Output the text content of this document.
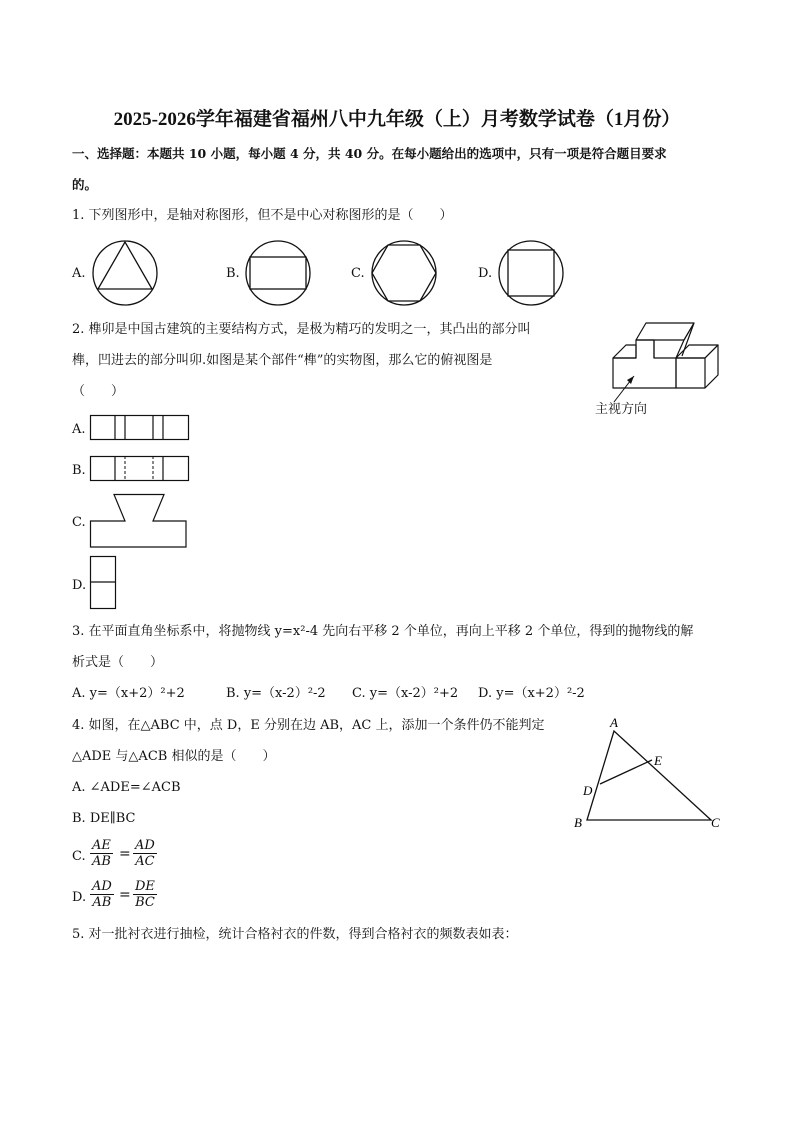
2025-2026学年福建省福州八中九年级（上）月考数学试卷（1月份）
一、选择题：本题共 10 小题，每小题 4 分，共 40 分。在每小题给出的选项中，只有一项是符合题目要求
的。
1. 下列图形中，是轴对称图形，但不是中心对称图形的是（　　）
A.	B.	C.	D.
2. 榫卯是中国古建筑的主要结构方式，是极为精巧的发明之一，其凸出的部分叫
榫，凹进去的部分叫卯.如图是某个部件“榫”的实物图，那么它的俯视图是
（　　）
主视方向
A.
B.
C.
D.
3. 在平面直角坐标系中，将抛物线 y=x²-4 先向右平移 2 个单位，再向上平移 2 个单位，得到的抛物线的解
析式是（　　）
A. y=（x+2）²+2	B. y=（x-2）²-2 C. y=（x-2）²+2 D. y=（x+2）²-2
4. 如图，在△ABC 中，点 D，E 分别在边 AB，AC 上，添加一个条件仍不能判定
△ADE 与△ACB 相似的是（　　）
A
B	C
D
E
A. ∠ADE=∠ACB
B. DE∥BC
C. $\frac{AE}{AB} = \frac{AD}{AC}$
D. $\frac{AD}{AB} = \frac{DE}{BC}$
5. 对一批衬衣进行抽检，统计合格衬衣的件数，得到合格衬衣的频数表如表：
